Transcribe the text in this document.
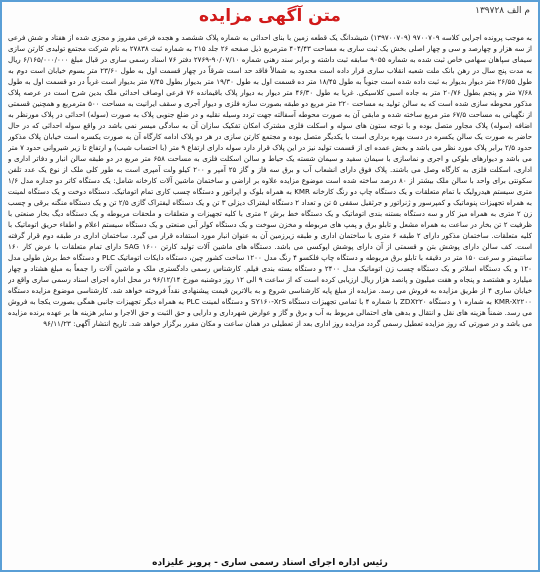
م الف ۱۳۹۷۲۸
متن آگهی مزایده

به موجب پرونده اجرایی کلاسه ۹۷۰۰۷۰۹ (۱۳۹۷۰۰۷۰۹) شیشدانگ یک قطعه زمین با بنای احداثی به شماره پلاک ششصد و هجده فرعی مفروز و مجزی شده از هفتاد و شش فرعی از سه هزار و چهارصد و سی و چهار اصلی بخش یک ثبت ساری به مساحت ۴۰۴/۴۳ مترمربع ذیل صفحه ۲۶ جلد ۲۱۵ به شماره ثبت ۲۷۸۳۸ به نام شرکت مجتمع تولیدی کارتن سازی سیمای سپاهان سهامی خاص ثبت شده به شماره ۹۰۵۵ سابقه ثبت داشته و برابر سند رهنی شماره ۹۰/۰۷/۱۰-۲۷۶۹ دفتر ۷۶ اسناد رسمی ساری در قبال مبلغ ۶/۱۶۵/۰۰۰/۰۰۰ ریال به مدت پنج سال در رهن بانک ملت شعبه انقلاب ساری قرار داده است محدود به شمالاً فاقد حد است شرقاً در چهار قسمت اول به طول ۲۳/۶۰ متر بسوم خیابان است دوم به طول ۲۶/۵۵ متر دیوار بدیوار به ثبت داده شده است جنوباً به طول ۱۸/۴۵ متر ده قسمت اول به طول ۱۹/۳۰ متر بدیوار بطول ۷/۴۵ متر بدیوار است غرباً در دو قسمت اول به طول ۷/۶۸ متر و پنجم بطول ۲۰/۷۶ متر به جاده اسبی کلاسیکی. غربا به طول ۴۶/۳۰ متر دیوار به دیوار پلاک باقیمانده ۷۶ فرعی اوصاف احداثی ملک بدین شرح است در عرصه پلاک مذکور محوطه سازی شده است که به سالن تولید به مساحت ۲۲۰ متر مربع دو طبقه بصورت سازه فلزی و دیوار آجری و سقف ایرانیت به مساحت ۵۰۰ مترمربع و همچنین قسمتی از نگهبانی به مساحت ۶۷/۵ متر مربع ساخته شده و مابقی آن به صورت محوطه آسفالته جهت تردد وسیله نقلیه و در ضلع جنوبی پلاک به صورت (سوله) احداثی در پلاک مورنظر به اضافه (سوله) پلاک مجاور متصل بوده و با توجه ستون های سوله و اسکلت فلزی مشترک امکان تفکیک سازان آن به سادگی میسر نمی باشد در واقع سوله احداثی که در حال حاضر به صورت یک سالن یکسره در دست بهره برداری است با یکدیگر متصل بوده و مجتمع کارتن سازی در هر دو پلاک ادامه کارگاه آن به صورت یکسره است خیابان پلاک مذکور حدود ۲/۵ برابر پلاک مورد نظر می باشد و بخش عمده ای از قسمت تولید نیز در این پلاک قرار دارد سوله دارای ارتفاع ۹ متر (با احتساب شیب) و ارتفاع تا زیر شیروانی حدود ۷ متر می باشد و دیوارهای بلوکی و اجری و نماسازی با سیمان سفید و سیمان شسته یک حیاط و سالن اسکلت فلزی به مساحت ۶۵۸ متر مربع در دو طبقه سالن انبار و دفاتر اداری و اداری، اسکلت فلزی به کارگاه وصل می باشند. پلاک فوق دارای انشعاب آب و برق سه فاز و گاز ۲۵ آمپر و ۲۰۰ کیلو ولت آمپری است به طور کلی ملک از نوع یک عدد تلفن سکونتی برای واحد با سالن ملک بیشتر از ۸۰ درصد ساخته شده است موضوع مزایده علاوه بر اراضی و ساختمان ماشین آلات کارخانه شامل: یک دستگاه کاتر دو جداره مدل ۱/۶ متری سیستم هیدرولیک با تمام متعلقات و یک دستگاه چاپ دو رنگ کارخانه KMR به همراه بلوک و اپراتور و دستگاه چسب کاری تمام اتوماتیک. دستگاه دوخت و یک دستگاه لمینت به همراه تجهیزات پنوماتیک و کمپرسور و ژنراتور و جرثقیل سقفی ۵ تن و تعداد ۲ دستگاه لیفتراک دیزلی ۳ تن و یک دستگاه لیفتراک گازی ۲/۵ تن و یک دستگاه منگنه برقی و چسب زن ۲ متری به همراه میز کار و سه دستگاه بستنه بندی اتوماتیک و یک دستگاه خط برش ۲ متری با کلیه تجهیزات و متعلقات و ملحقات مربوطه و یک دستگاه دیگ بخار صنعتی با ظرفیت ۲ تن بخار در ساعت به همراه مشعل و تابلو برق و پمپ های مربوطه و مخزن سوخت و یک دستگاه کولر آبی صنعتی و یک دستگاه سیستم اعلام و اطفاء حریق اتوماتیک با کلیه متعلقات. ساختمان مذکور دارای ۲ طبقه ۶ متری با ساختمان اداری و طبقه زیرزمین آن به عنوان انبار مورد استفاده قرار می گیرد. ساختمان اداری در طبقه دوم قرار گرفته است. کف سالن دارای پوشش بتن و قسمتی از آن دارای پوشش اپوکسی می باشد. دستگاه های ماشین آلات تولید کارتن SAG ۱۶۰۰ دارای تمام متعلقات با عرض کار ۱۶۰ سانتیمتر و سرعت ۱۵۰ متر در دقیقه با تابلو برق مربوطه و دستگاه چاپ فلکسو ۴ رنگ مدل ۱۲۰۰ ساخت کشور چین، دستگاه دایکات اتوماتیک PLC و دستگاه خط برش طولی مدل ۱۲۰ و یک دستگاه اسلاتر و یک دستگاه چسب زن اتوماتیک مدل ۲۴۰۰ و دستگاه بسته بندی فیلم. کارشناس رسمی دادگستری ملک و ماشین آلات را جمعاً به مبلغ هشتاد و چهار میلیارد و هشتصد و پنجاه و هفت میلیون و پانصد هزار ریال ارزیابی کرده است که از ساعت ۹ الی ۱۲ روز دوشنبه مورخ ۹۶/۱۲/۱۴ در محل اداره اجرای اسناد رسمی ساری واقع در خیابان ساری ۴ از طریق مزایده به فروش می رسد. مزایده از مبلغ پایه کارشناسی شروع و به بالاترین قیمت پیشنهادی نقداً فروخته خواهد شد. کارشناسی موضوع مزایده دستگاه KMR-X۲۲۰۰ به شماره ۱ و دستگاه ZDX۲۲۰ با شماره ۴ با تمامی تجهیزات دستگاه SY۱۶۰-XrS و دستگاه لمینت PLC به همراه دیگر تجهیزات جانبی همگی بصورت یکجا به فروش می رسد. ضمناً هزینه های نقل و انتقال و بدهی های احتمالی مربوط به آب و برق و گاز و عوارض شهرداری و دارایی و حق الثبت و حق الاجرا و سایر هزینه ها بر عهده برنده مزایده می باشد و در صورتی که روز مزایده تعطیل رسمی گردد مزایده روز اداری بعد از تعطیلی در همان ساعت و مکان مقرر برگزار خواهد شد. تاریخ انتشار آگهی: ۹۶/۱۱/۲۳

رئیس اداره اجرای اسناد رسمی ساری - پرویز علیزاده
